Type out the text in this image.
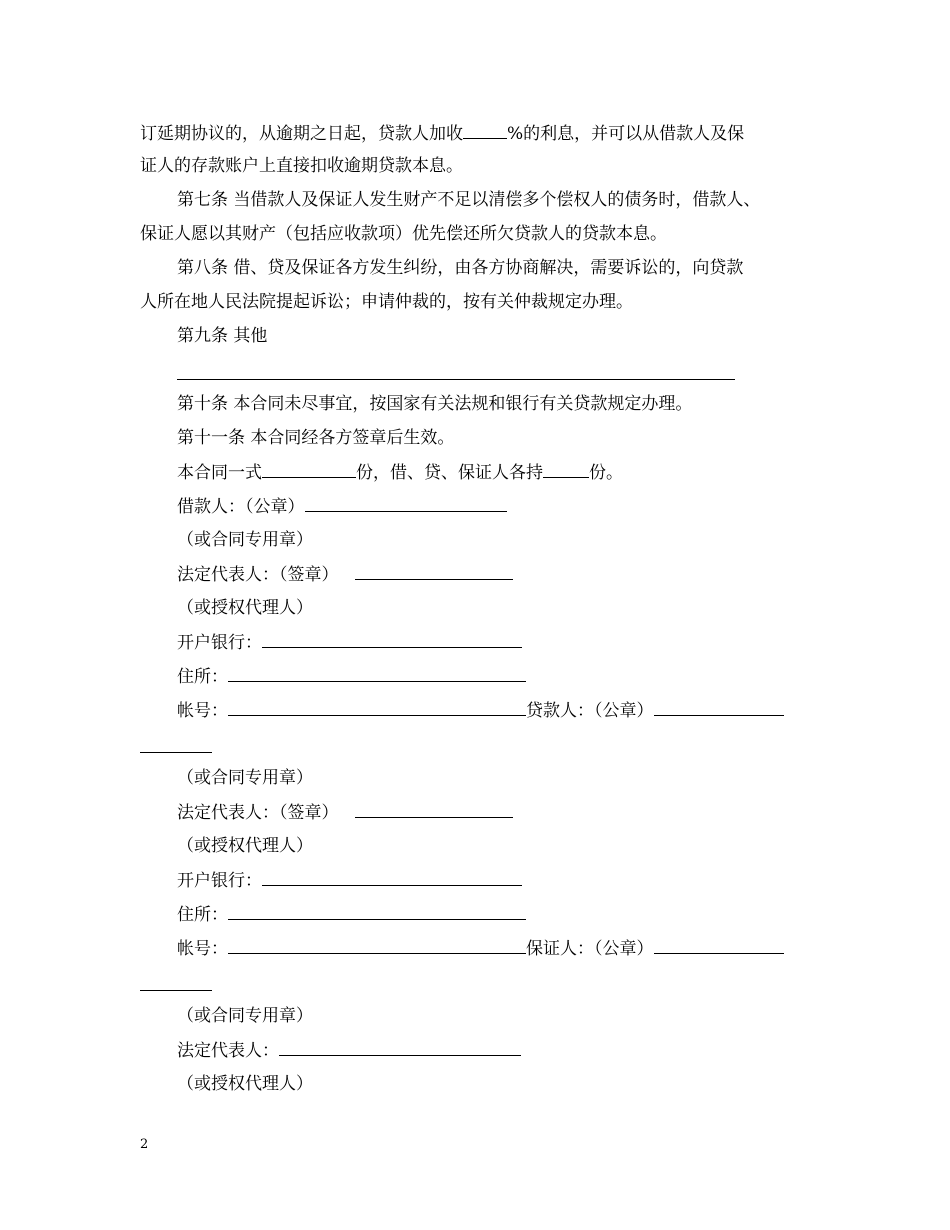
订延期协议的，从逾期之日起，贷款人加收	%的利息，并可以从借款人及保
证人的存款账户上直接扣收逾期贷款本息。
第七条 当借款人及保证人发生财产不足以清偿多个偿权人的债务时，借款人、
保证人愿以其财产（包括应收款项）优先偿还所欠贷款人的贷款本息。
第八条 借、贷及保证各方发生纠纷，由各方协商解决，需要诉讼的，向贷款
人所在地人民法院提起诉讼；申请仲裁的，按有关仲裁规定办理。
第九条 其他
第十条 本合同未尽事宜，按国家有关法规和银行有关贷款规定办理。
第十一条 本合同经各方签章后生效。
本合同一式	份，借、贷、保证人各持	份。
借款人：（公章）
（或合同专用章）
法定代表人：（签章）
（或授权代理人）
开户银行：
住所：
帐号：	贷款人：（公章）
（或合同专用章）
法定代表人：（签章）
（或授权代理人）
开户银行：
住所：
帐号：	保证人：（公章）
（或合同专用章）
法定代表人：
（或授权代理人）
2
